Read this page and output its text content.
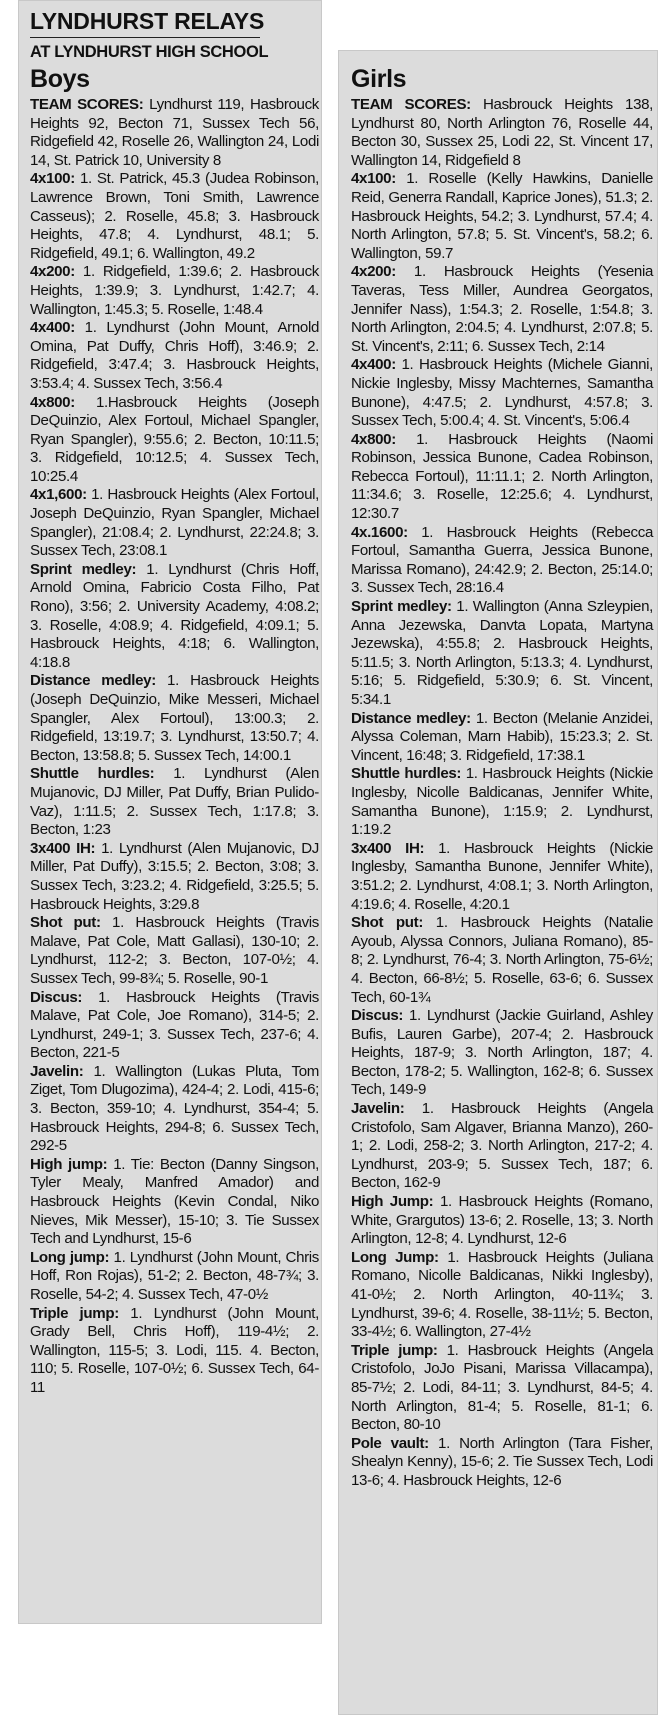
LYNDHURST RELAYS
AT LYNDHURST HIGH SCHOOL
Boys

TEAM SCORES: Lyndhurst 119, Hasbrouck Heights 92, Becton 71, Sussex Tech 56, Ridgefield 42, Roselle 26, Wallington 24, Lodi 14, St. Patrick 10, University 8

4x100: 1. St. Patrick, 45.3 (Judea Robinson, Lawrence Brown, Toni Smith, Lawrence Casseus); 2. Roselle, 45.8; 3. Hasbrouck Heights, 47.8; 4. Lyndhurst, 48.1; 5. Ridgefield, 49.1; 6. Wallington, 49.2

4x200: 1. Ridgefield, 1:39.6; 2. Hasbrouck Heights, 1:39.9; 3. Lyndhurst, 1:42.7; 4. Wallington, 1:45.3; 5. Roselle, 1:48.4

4x400: 1. Lyndhurst (John Mount, Arnold Omina, Pat Duffy, Chris Hoff), 3:46.9; 2. Ridgefield, 3:47.4; 3. Hasbrouck Heights, 3:53.4; 4. Sussex Tech, 3:56.4

4x800: 1.Hasbrouck Heights (Joseph DeQuinzio, Alex Fortoul, Michael Spangler, Ryan Spangler), 9:55.6; 2. Becton, 10:11.5; 3. Ridgefield, 10:12.5; 4. Sussex Tech, 10:25.4

4x1,600: 1. Hasbrouck Heights (Alex Fortoul, Joseph DeQuinzio, Ryan Spangler, Michael Spangler), 21:08.4; 2. Lyndhurst, 22:24.8; 3. Sussex Tech, 23:08.1

Sprint medley: 1. Lyndhurst (Chris Hoff, Arnold Omina, Fabricio Costa Filho, Pat Rono), 3:56; 2. University Academy, 4:08.2; 3. Roselle, 4:08.9; 4. Ridgefield, 4:09.1; 5. Hasbrouck Heights, 4:18; 6. Wallington, 4:18.8

Distance medley: 1. Hasbrouck Heights (Joseph DeQuinzio, Mike Messeri, Michael Spangler, Alex Fortoul), 13:00.3; 2. Ridgefield, 13:19.7; 3. Lyndhurst, 13:50.7; 4. Becton, 13:58.8; 5. Sussex Tech, 14:00.1

Shuttle hurdles: 1. Lyndhurst (Alen Mujanovic, DJ Miller, Pat Duffy, Brian Pulido-Vaz), 1:11.5; 2. Sussex Tech, 1:17.8; 3. Becton, 1:23

3x400 IH: 1. Lyndhurst (Alen Mujanovic, DJ Miller, Pat Duffy), 3:15.5; 2. Becton, 3:08; 3. Sussex Tech, 3:23.2; 4. Ridgefield, 3:25.5; 5. Hasbrouck Heights, 3:29.8

Shot put: 1. Hasbrouck Heights (Travis Malave, Pat Cole, Matt Gallasi), 130-10; 2. Lyndhurst, 112-2; 3. Becton, 107-0½; 4. Sussex Tech, 99-8¾; 5. Roselle, 90-1

Discus: 1. Hasbrouck Heights (Travis Malave, Pat Cole, Joe Romano), 314-5; 2. Lyndhurst, 249-1; 3. Sussex Tech, 237-6; 4. Becton, 221-5

Javelin: 1. Wallington (Lukas Pluta, Tom Ziget, Tom Dlugozima), 424-4; 2. Lodi, 415-6; 3. Becton, 359-10; 4. Lyndhurst, 354-4; 5. Hasbrouck Heights, 294-8; 6. Sussex Tech, 292-5

High jump: 1. Tie: Becton (Danny Singson, Tyler Mealy, Manfred Amador) and Hasbrouck Heights (Kevin Condal, Niko Nieves, Mik Messer), 15-10; 3. Tie Sussex Tech and Lyndhurst, 15-6

Long jump: 1. Lyndhurst (John Mount, Chris Hoff, Ron Rojas), 51-2; 2. Becton, 48-7¾; 3. Roselle, 54-2; 4. Sussex Tech, 47-0½

Triple jump: 1. Lyndhurst (John Mount, Grady Bell, Chris Hoff), 119-4½; 2. Wallington, 115-5; 3. Lodi, 115. 4. Becton, 110; 5. Roselle, 107-0½; 6. Sussex Tech, 64-11

Girls

TEAM SCORES: Hasbrouck Heights 138, Lyndhurst 80, North Arlington 76, Roselle 44, Becton 30, Sussex 25, Lodi 22, St. Vincent 17, Wallington 14, Ridgefield 8

4x100: 1. Roselle (Kelly Hawkins, Danielle Reid, Generra Randall, Kaprice Jones), 51.3; 2. Hasbrouck Heights, 54.2; 3. Lyndhurst, 57.4; 4. North Arlington, 57.8; 5. St. Vincent's, 58.2; 6. Wallington, 59.7

4x200: 1. Hasbrouck Heights (Yesenia Taveras, Tess Miller, Aundrea Georgatos, Jennifer Nass), 1:54.3; 2. Roselle, 1:54.8; 3. North Arlington, 2:04.5; 4. Lyndhurst, 2:07.8; 5. St. Vincent's, 2:11; 6. Sussex Tech, 2:14

4x400: 1. Hasbrouck Heights (Michele Gianni, Nickie Inglesby, Missy Machternes, Samantha Bunone), 4:47.5; 2. Lyndhurst, 4:57.8; 3. Sussex Tech, 5:00.4; 4. St. Vincent's, 5:06.4

4x800: 1. Hasbrouck Heights (Naomi Robinson, Jessica Bunone, Cadea Robinson, Rebecca Fortoul), 11:11.1; 2. North Arlington, 11:34.6; 3. Roselle, 12:25.6; 4. Lyndhurst, 12:30.7

4x.1600: 1. Hasbrouck Heights (Rebecca Fortoul, Samantha Guerra, Jessica Bunone, Marissa Romano), 24:42.9; 2. Becton, 25:14.0; 3. Sussex Tech, 28:16.4

Sprint medley: 1. Wallington (Anna Szleypien, Anna Jezewska, Danvta Lopata, Martyna Jezewska), 4:55.8; 2. Hasbrouck Heights, 5:11.5; 3. North Arlington, 5:13.3; 4. Lyndhurst, 5:16; 5. Ridgefield, 5:30.9; 6. St. Vincent, 5:34.1

Distance medley: 1. Becton (Melanie Anzidei, Alyssa Coleman, Marn Habib), 15:23.3; 2. St. Vincent, 16:48; 3. Ridgefield, 17:38.1

Shuttle hurdles: 1. Hasbrouck Heights (Nickie Inglesby, Nicolle Baldicanas, Jennifer White, Samantha Bunone), 1:15.9; 2. Lyndhurst, 1:19.2

3x400 IH: 1. Hasbrouck Heights (Nickie Inglesby, Samantha Bunone, Jennifer White), 3:51.2; 2. Lyndhurst, 4:08.1; 3. North Arlington, 4:19.6; 4. Roselle, 4:20.1

Shot put: 1. Hasbrouck Heights (Natalie Ayoub, Alyssa Connors, Juliana Romano), 85-8; 2. Lyndhurst, 76-4; 3. North Arlington, 75-6½; 4. Becton, 66-8½; 5. Roselle, 63-6; 6. Sussex Tech, 60-1¾

Discus: 1. Lyndhurst (Jackie Guirland, Ashley Bufis, Lauren Garbe), 207-4; 2. Hasbrouck Heights, 187-9; 3. North Arlington, 187; 4. Becton, 178-2; 5. Wallington, 162-8; 6. Sussex Tech, 149-9

Javelin: 1. Hasbrouck Heights (Angela Cristofolo, Sam Algaver, Brianna Manzo), 260-1; 2. Lodi, 258-2; 3. North Arlington, 217-2; 4. Lyndhurst, 203-9; 5. Sussex Tech, 187; 6. Becton, 162-9

High Jump: 1. Hasbrouck Heights (Romano, White, Grargutos) 13-6; 2. Roselle, 13; 3. North Arlington, 12-8; 4. Lyndhurst, 12-6

Long Jump: 1. Hasbrouck Heights (Juliana Romano, Nicolle Baldicanas, Nikki Inglesby), 41-0½; 2. North Arlington, 40-11¾; 3. Lyndhurst, 39-6; 4. Roselle, 38-11½; 5. Becton, 33-4½; 6. Wallington, 27-4½

Triple jump: 1. Hasbrouck Heights (Angela Cristofolo, JoJo Pisani, Marissa Villacampa), 85-7½; 2. Lodi, 84-11; 3. Lyndhurst, 84-5; 4. North Arlington, 81-4; 5. Roselle, 81-1; 6. Becton, 80-10

Pole vault: 1. North Arlington (Tara Fisher, Shealyn Kenny), 15-6; 2. Tie Sussex Tech, Lodi 13-6; 4. Hasbrouck Heights, 12-6
